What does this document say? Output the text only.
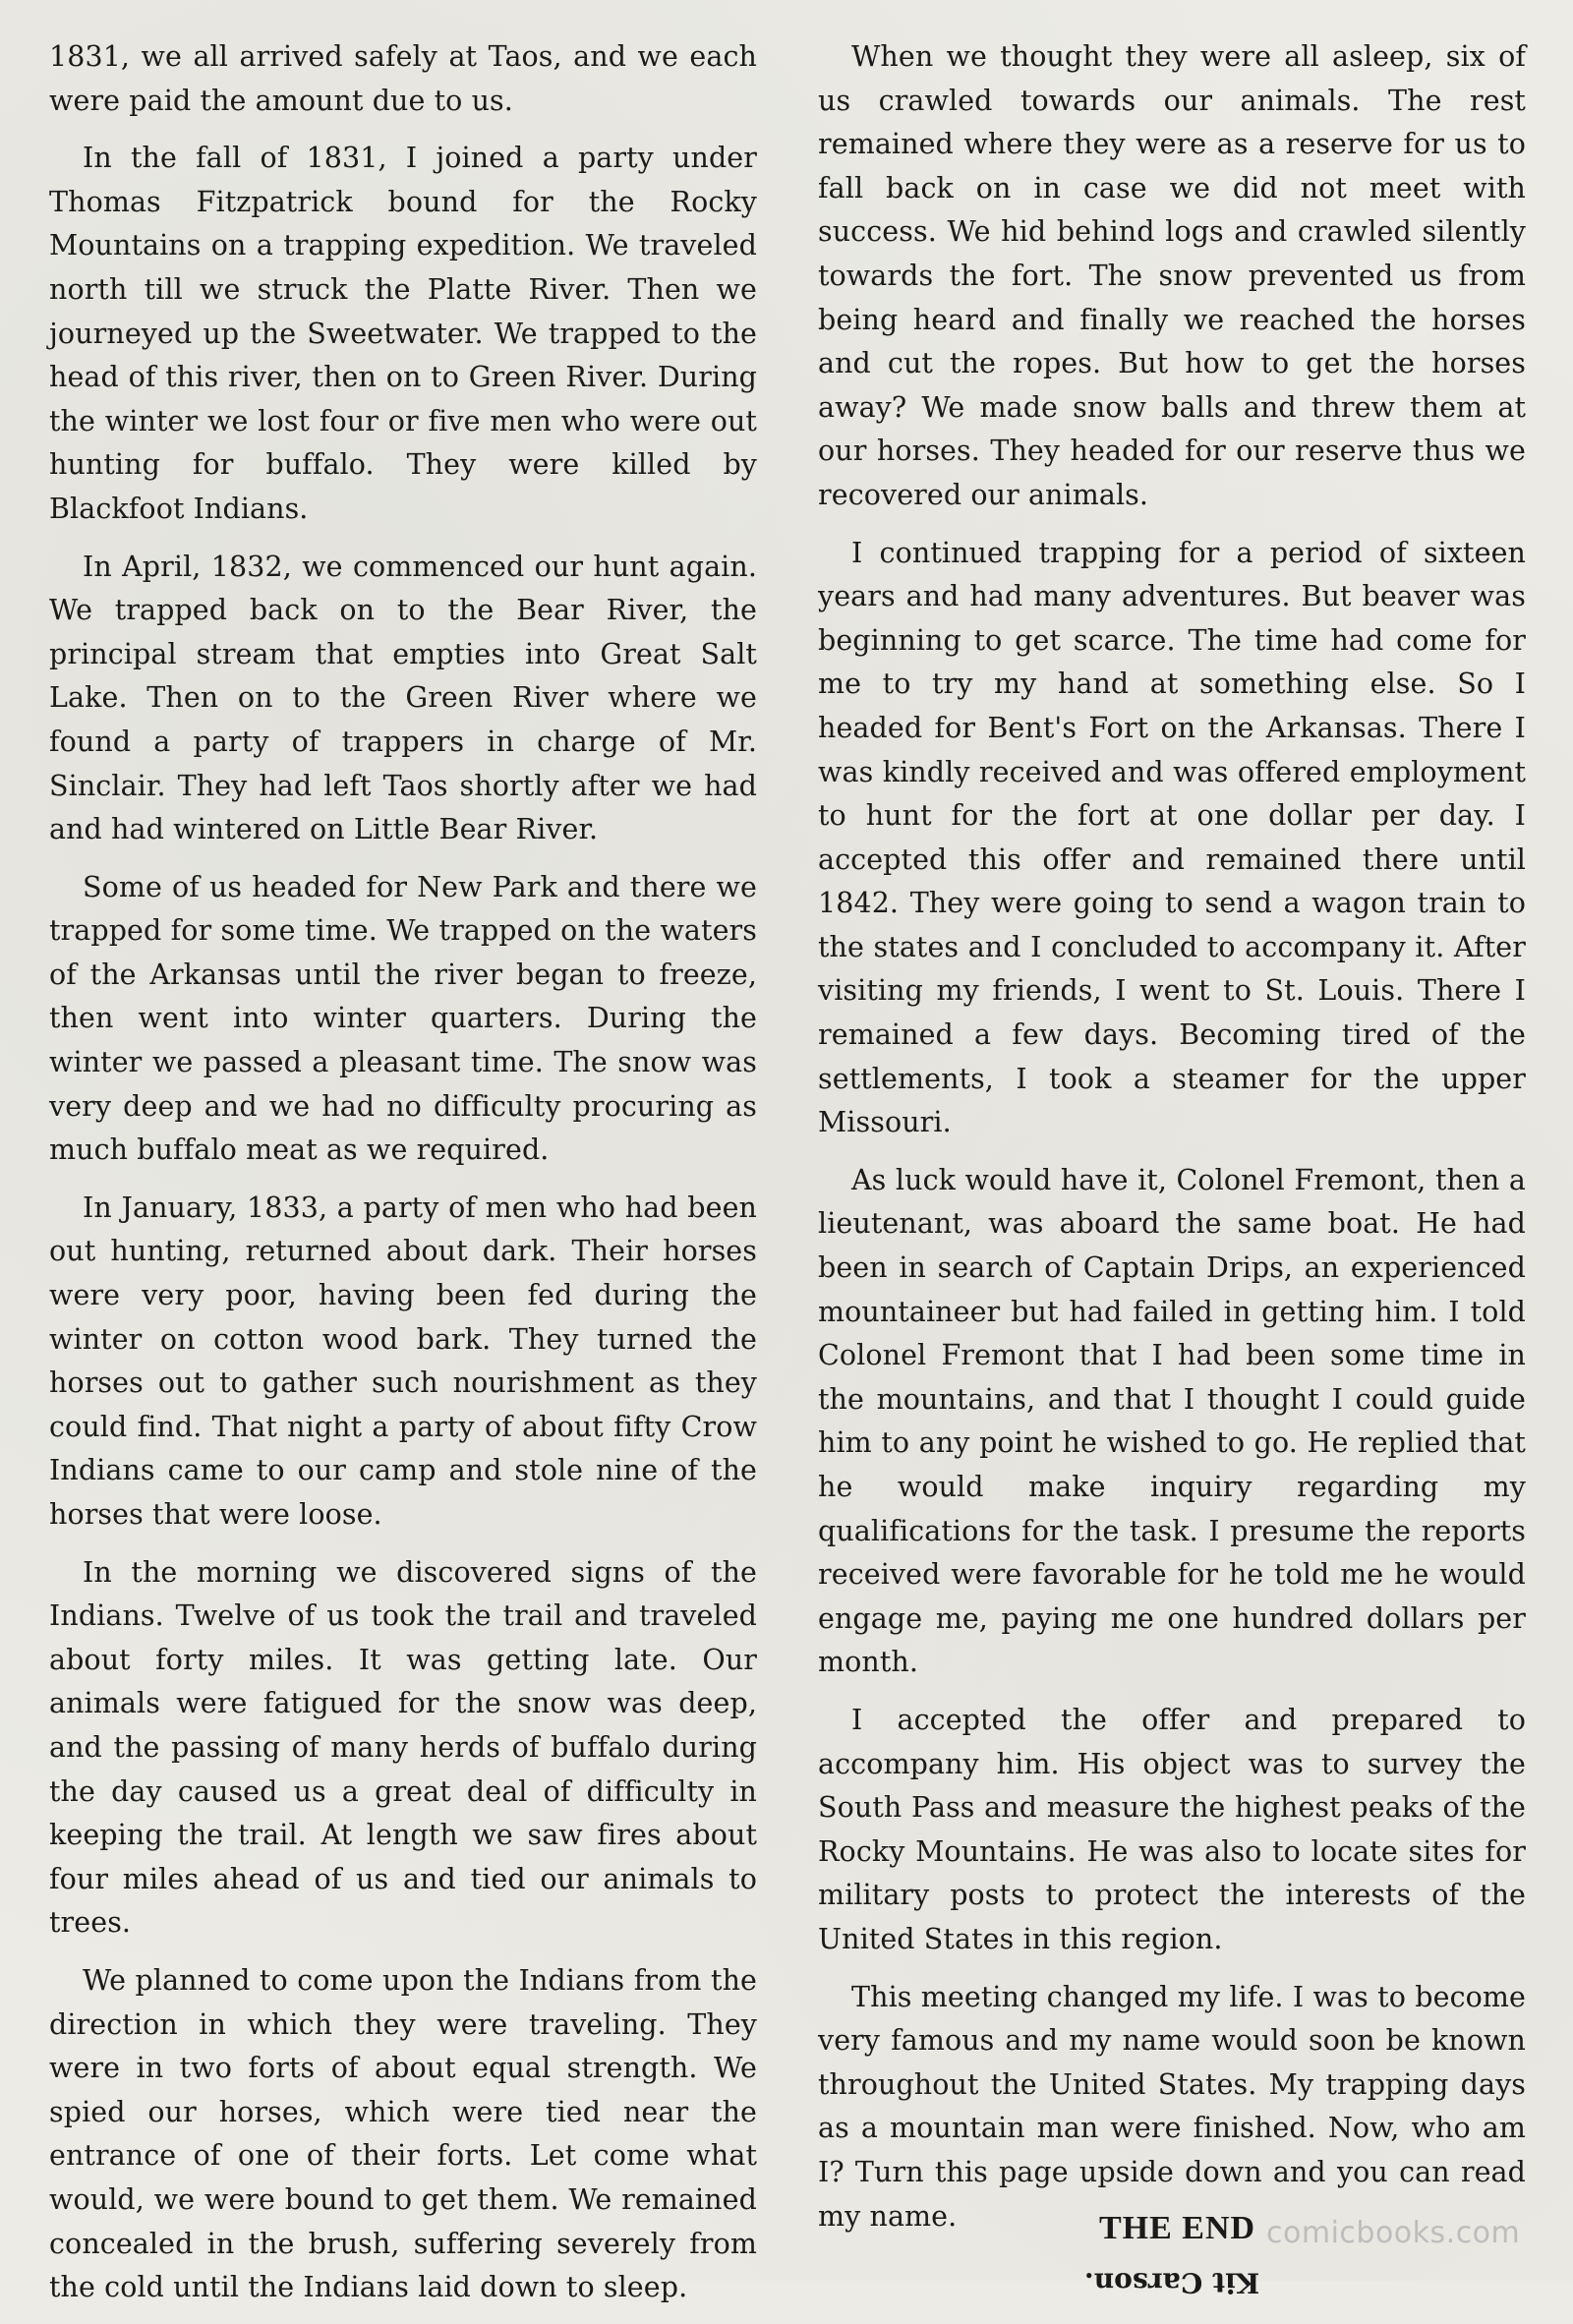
1831, we all arrived safely at Taos, and we each were paid the amount due to us.

In the fall of 1831, I joined a party under Thomas Fitzpatrick bound for the Rocky Mountains on a trapping expedition. We traveled north till we struck the Platte River. Then we journeyed up the Sweetwater. We trapped to the head of this river, then on to Green River. During the winter we lost four or five men who were out hunting for buffalo. They were killed by Blackfoot Indians.

In April, 1832, we commenced our hunt again. We trapped back on to the Bear River, the principal stream that empties into Great Salt Lake. Then on to the Green River where we found a party of trappers in charge of Mr. Sinclair. They had left Taos shortly after we had and had wintered on Little Bear River.

Some of us headed for New Park and there we trapped for some time. We trapped on the waters of the Arkansas until the river began to freeze, then went into winter quarters. During the winter we passed a pleasant time. The snow was very deep and we had no difficulty procuring as much buffalo meat as we required.

In January, 1833, a party of men who had been out hunting, returned about dark. Their horses were very poor, having been fed during the winter on cotton wood bark. They turned the horses out to gather such nourishment as they could find. That night a party of about fifty Crow Indians came to our camp and stole nine of the horses that were loose.

In the morning we discovered signs of the Indians. Twelve of us took the trail and traveled about forty miles. It was getting late. Our animals were fatigued for the snow was deep, and the passing of many herds of buffalo during the day caused us a great deal of difficulty in keeping the trail. At length we saw fires about four miles ahead of us and tied our animals to trees.

We planned to come upon the Indians from the direction in which they were traveling. They were in two forts of about equal strength. We spied our horses, which were tied near the entrance of one of their forts. Let come what would, we were bound to get them. We remained concealed in the brush, suffering severely from the cold until the Indians laid down to sleep.

When we thought they were all asleep, six of us crawled towards our animals. The rest remained where they were as a reserve for us to fall back on in case we did not meet with success. We hid behind logs and crawled silently towards the fort. The snow prevented us from being heard and finally we reached the horses and cut the ropes. But how to get the horses away? We made snow balls and threw them at our horses. They headed for our reserve thus we recovered our animals.

I continued trapping for a period of sixteen years and had many adventures. But beaver was beginning to get scarce. The time had come for me to try my hand at something else. So I headed for Bent's Fort on the Arkansas. There I was kindly received and was offered employment to hunt for the fort at one dollar per day. I accepted this offer and remained there until 1842. They were going to send a wagon train to the states and I concluded to accompany it. After visiting my friends, I went to St. Louis. There I remained a few days. Becoming tired of the settlements, I took a steamer for the upper Missouri.

As luck would have it, Colonel Fremont, then a lieutenant, was aboard the same boat. He had been in search of Captain Drips, an experienced mountaineer but had failed in getting him. I told Colonel Fremont that I had been some time in the mountains, and that I thought I could guide him to any point he wished to go. He replied that he would make inquiry regarding my qualifications for the task. I presume the reports received were favorable for he told me he would engage me, paying me one hundred dollars per month.

I accepted the offer and prepared to accompany him. His object was to survey the South Pass and measure the highest peaks of the Rocky Mountains. He was also to locate sites for military posts to protect the interests of the United States in this region.

This meeting changed my life. I was to become very famous and my name would soon be known throughout the United States. My trapping days as a mountain man were finished. Now, who am I? Turn this page upside down and you can read my name.

Kit Carson.
THE END comicbooks.com
